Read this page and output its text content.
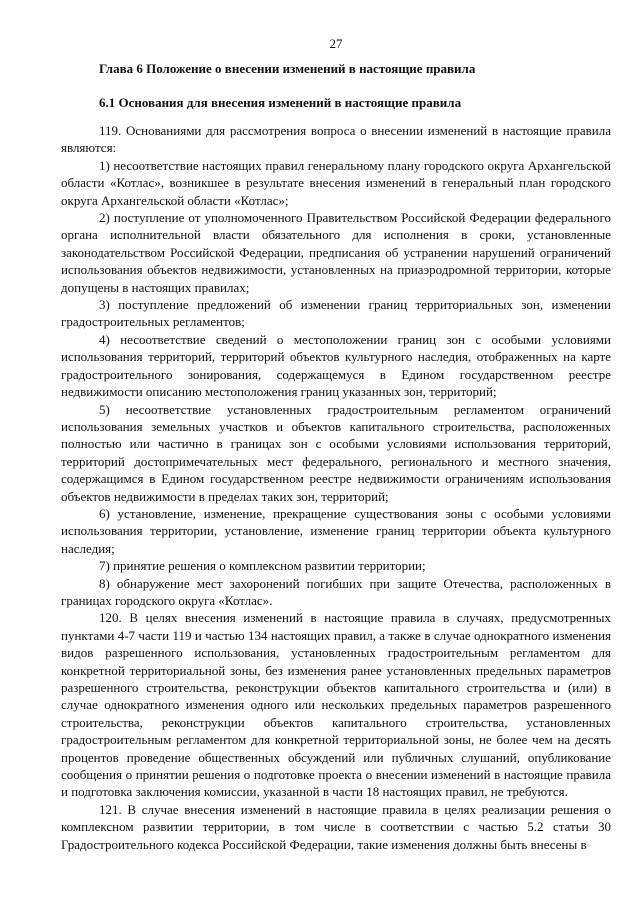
27
Глава 6 Положение о внесении изменений в настоящие правила
6.1 Основания для внесения изменений в настоящие правила

119. Основаниями для рассмотрения вопроса о внесении изменений в настоящие правила являются:

1) несоответствие настоящих правил генеральному плану городского округа Архангельской области «Котлас», возникшее в результате внесения изменений в генеральный план городского округа Архангельской области «Котлас»;

2) поступление от уполномоченного Правительством Российской Федерации федерального органа исполнительной власти обязательного для исполнения в сроки, установленные законодательством Российской Федерации, предписания об устранении нарушений ограничений использования объектов недвижимости, установленных на приаэродромной территории, которые допущены в настоящих правилах;

3) поступление предложений об изменении границ территориальных зон, изменении градостроительных регламентов;

4) несоответствие сведений о местоположении границ зон с особыми условиями использования территорий, территорий объектов культурного наследия, отображенных на карте градостроительного зонирования, содержащемуся в Едином государственном реестре недвижимости описанию местоположения границ указанных зон, территорий;

5) несоответствие установленных градостроительным регламентом ограничений использования земельных участков и объектов капитального строительства, расположенных полностью или частично в границах зон с особыми условиями использования территорий, территорий достопримечательных мест федерального, регионального и местного значения, содержащимся в Едином государственном реестре недвижимости ограничениям использования объектов недвижимости в пределах таких зон, территорий;

6) установление, изменение, прекращение существования зоны с особыми условиями использования территории, установление, изменение границ территории объекта культурного наследия;

7) принятие решения о комплексном развитии территории;

8) обнаружение мест захоронений погибших при защите Отечества, расположенных в границах городского округа «Котлас».

120. В целях внесения изменений в настоящие правила в случаях, предусмотренных пунктами 4-7 части 119 и частью 134 настоящих правил, а также в случае однократного изменения видов разрешенного использования, установленных градостроительным регламентом для конкретной территориальной зоны, без изменения ранее установленных предельных параметров разрешенного строительства, реконструкции объектов капитального строительства и (или) в случае однократного изменения одного или нескольких предельных параметров разрешенного строительства, реконструкции объектов капитального строительства, установленных градостроительным регламентом для конкретной территориальной зоны, не более чем на десять процентов проведение общественных обсуждений или публичных слушаний, опубликование сообщения о принятии решения о подготовке проекта о внесении изменений в настоящие правила и подготовка заключения комиссии, указанной в части 18 настоящих правил, не требуются.

121. В случае внесения изменений в настоящие правила в целях реализации решения о комплексном развитии территории, в том числе в соответствии с частью 5.2 статьи 30 Градостроительного кодекса Российской Федерации, такие изменения должны быть внесены в
